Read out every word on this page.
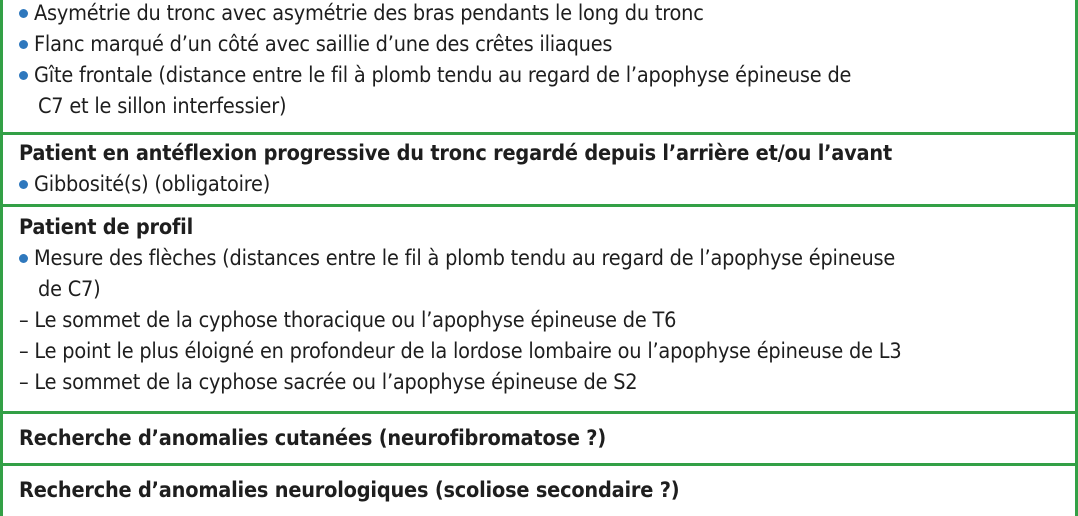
Asymétrie du tronc avec asymétrie des bras pendants le long du tronc
Flanc marqué d’un côté avec saillie d’une des crêtes iliaques
Gîte frontale (distance entre le fil à plomb tendu au regard de l’apophyse épineuse de
C7 et le sillon interfessier)
Patient en antéflexion progressive du tronc regardé depuis l’arrière et/ou l’avant
Gibbosité(s) (obligatoire)
Patient de profil
Mesure des flèches (distances entre le fil à plomb tendu au regard de l’apophyse épineuse
de C7)
– Le sommet de la cyphose thoracique ou l’apophyse épineuse de T6
– Le point le plus éloigné en profondeur de la lordose lombaire ou l’apophyse épineuse de L3
– Le sommet de la cyphose sacrée ou l’apophyse épineuse de S2
Recherche d’anomalies cutanées (neurofibromatose ?)
Recherche d’anomalies neurologiques (scoliose secondaire ?)
